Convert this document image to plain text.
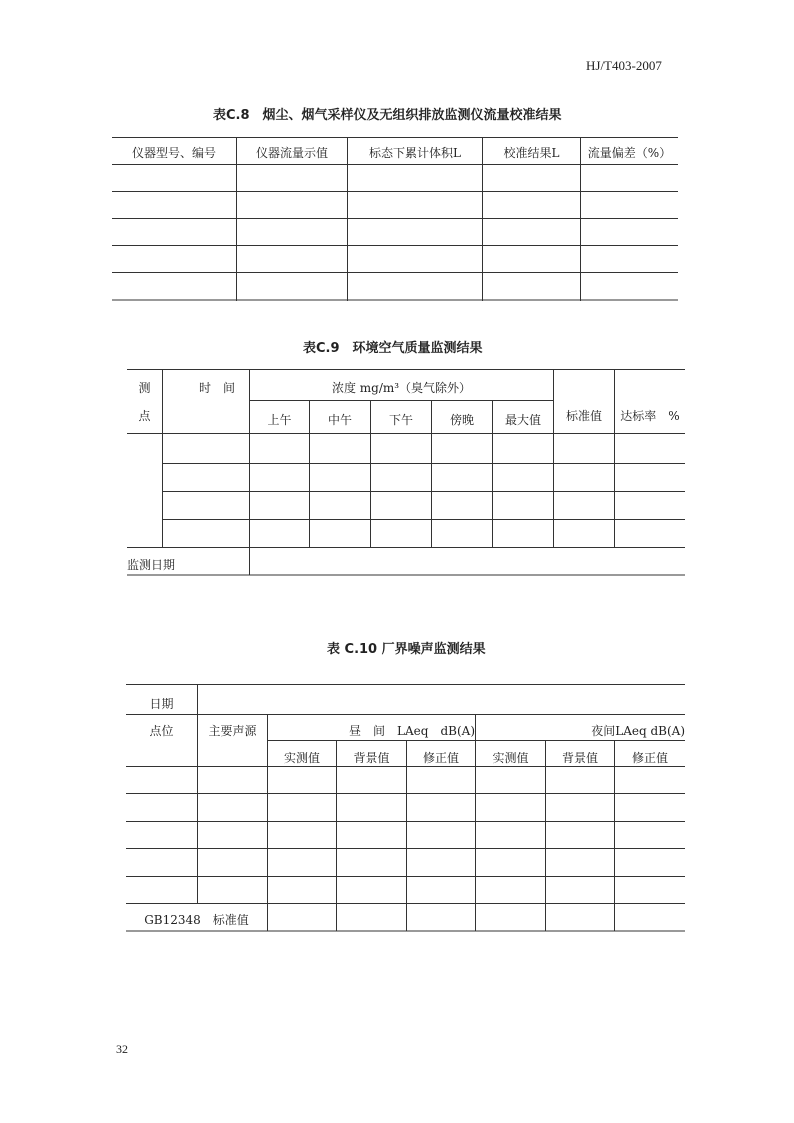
HJ/T403-2007
表C.8　烟尘、烟气采样仪及无组织排放监测仪流量校准结果
仪器型号、编号	仪器流量示值	标态下累计体积L	校准结果L	流量偏差（%）
表C.9　环境空气质量监测结果
测
点
时　间	浓度 mg/m³（臭气除外）
上午	中午	下午	傍晚	最大值	标准值	达标率　%
监测日期
表 C.10 厂界噪声监测结果
日期
点位	主要声源	昼　间　LAeq　dB(A)	夜间LAeq dB(A)
实测值	背景值	修正值	实测值	背景值	修正值
GB12348　标准值
32
